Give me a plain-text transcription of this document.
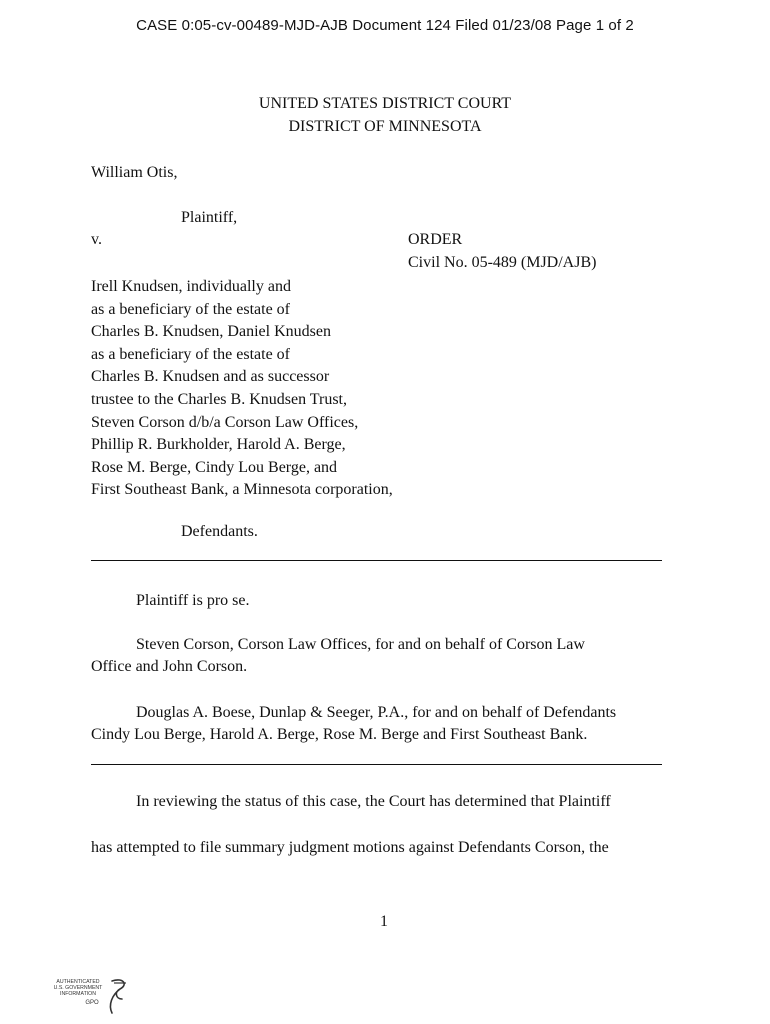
CASE 0:05-cv-00489-MJD-AJB Document 124 Filed 01/23/08 Page 1 of 2
UNITED STATES DISTRICT COURT
DISTRICT OF MINNESOTA
William Otis,
Plaintiff,
v.	ORDER
Civil No. 05-489 (MJD/AJB)
Irell Knudsen, individually and
as a beneficiary of the estate of
Charles B. Knudsen, Daniel Knudsen
as a beneficiary of the estate of
Charles B. Knudsen and as successor
trustee to the Charles B. Knudsen Trust,
Steven Corson d/b/a Corson Law Offices,
Phillip R. Burkholder, Harold A. Berge,
Rose M. Berge, Cindy Lou Berge, and
First Southeast Bank, a Minnesota corporation,
Defendants.
Plaintiff is pro se.
Steven Corson, Corson Law Offices, for and on behalf of Corson Law
Office and John Corson.
Douglas A. Boese, Dunlap & Seeger, P.A., for and on behalf of Defendants
Cindy Lou Berge, Harold A. Berge, Rose M. Berge and First Southeast Bank.
In reviewing the status of this case, the Court has determined that Plaintiff
has attempted to file summary judgment motions against Defendants Corson, the
1
AUTHENTICATED
U.S. GOVERNMENT
INFORMATION
GPO
